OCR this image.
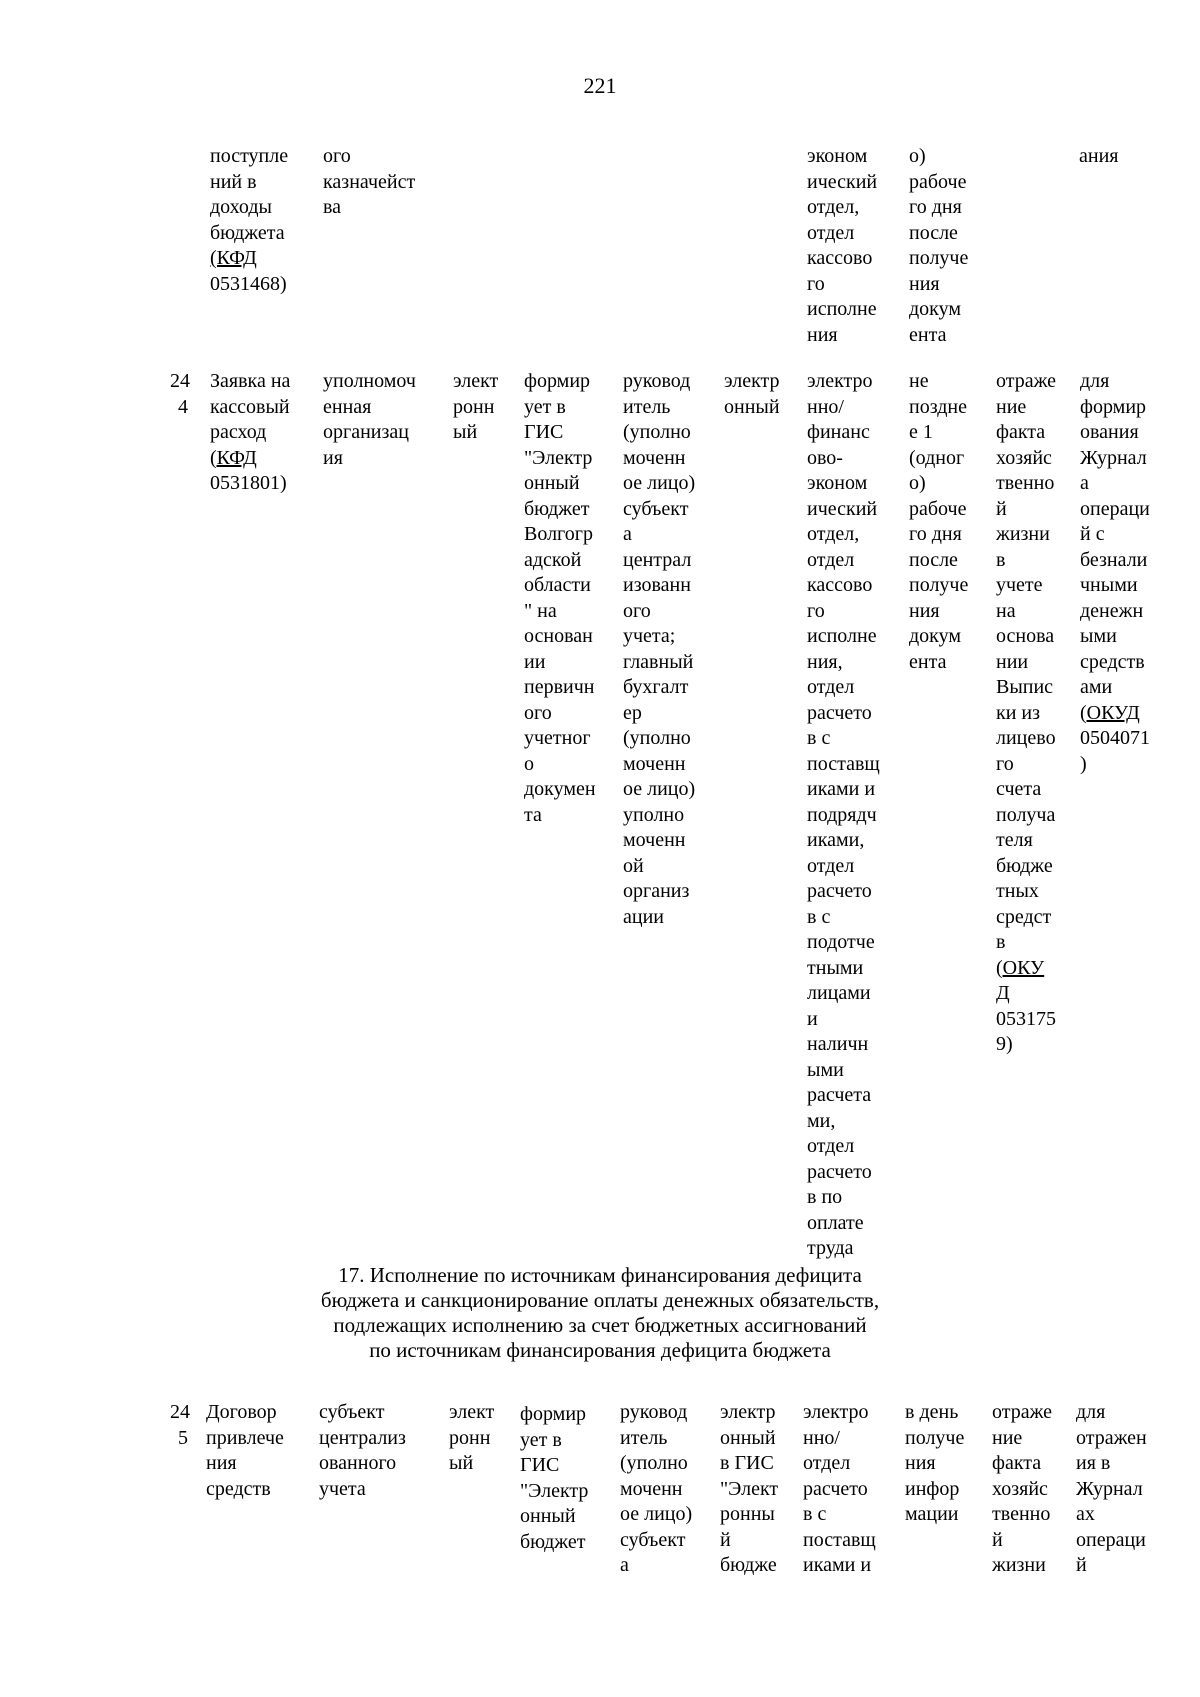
221
поступле
ний в
доходы
бюджета
(КФД
0531468)
ого
казначейст
ва
эконом
ический
отдел,
отдел
кассово
го
исполне
ния
о)
рабоче
го дня
после
получе
ния
докум
ента
ания
24
4
Заявка на
кассовый
расход
(КФД
0531801)
уполномоч
енная
организац
ия
элект
ронн
ый
формир
ует в
ГИС
"Электр
онный
бюджет
Волгогр
адской
области
" на
основан
ии
первичн
ого
учетног
о
докумен
та
руковод
итель
(уполно
моченн
ое лицо)
субъект
а
централ
изованн
ого
учета;
главный
бухгалт
ер
(уполно
моченн
ое лицо)
уполно
моченн
ой
организ
ации
электр
онный
электро
нно/
финанс
ово-
эконом
ический
отдел,
отдел
кассово
го
исполне
ния,
отдел
расчето
в с
поставщ
иками и
подрядч
иками,
отдел
расчето
в с
подотче
тными
лицами
и
наличн
ыми
расчета
ми,
отдел
расчето
в по
оплате
труда
не
поздне
е 1
(одног
о)
рабоче
го дня
после
получе
ния
докум
ента
отраже
ние
факта
хозяйс
твенно
й
жизни
в
учете
на
основа
нии
Выпис
ки из
лицево
го
счета
получа
теля
бюдже
тных
средст
в
(ОКУ
Д
053175
9)
для
формир
ования
Журнал
а
операци
й с
безнали
чными
денежн
ыми
средств
ами
(ОКУД
0504071
)
17. Исполнение по источникам финансирования дефицита
бюджета и санкционирование оплаты денежных обязательств,
подлежащих исполнению за счет бюджетных ассигнований
по источникам финансирования дефицита бюджета
24
5
Договор
привлече
ния
средств
субъект
централиз
ованного
учета
элект
ронн
ый
формир
ует в
ГИС
"Электр
онный
бюджет
руковод
итель
(уполно
моченн
ое лицо)
субъект
а
электр
онный
в ГИС
"Элект
ронны
й
бюдже
электро
нно/
отдел
расчето
в с
поставщ
иками и
в день
получе
ния
инфор
мации
отраже
ние
факта
хозяйс
твенно
й
жизни
для
отражен
ия в
Журнал
ах
операци
й
